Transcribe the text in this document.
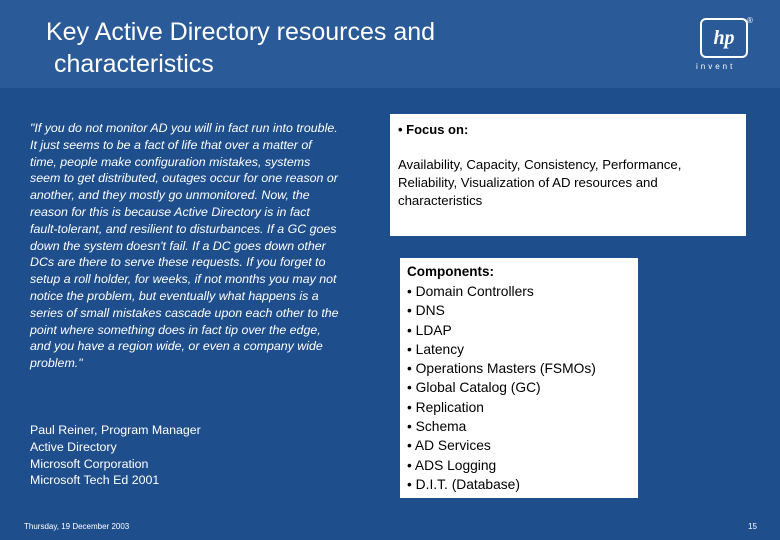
Key Active Directory resources and
characteristics
hp
®
invent
"If you do not monitor AD you will in fact run into trouble. It just seems to be a fact of life that over a matter of time, people make configuration mistakes, systems seem to get distributed, outages occur for one reason or another, and they mostly go unmonitored. Now, the reason for this is because Active Directory is in fact fault-tolerant, and resilient to disturbances. If a GC goes down the system doesn't fail. If a DC goes down other DCs are there to serve these requests. If you forget to setup a roll holder, for weeks, if not months you may not notice the problem, but eventually what happens is a series of small mistakes cascade upon each other to the point where something does in fact tip over the edge, and you have a region wide, or even a company wide problem."
Paul Reiner, Program Manager
Active Directory
Microsoft Corporation
Microsoft Tech Ed 2001
• Focus on:
Availability, Capacity, Consistency, Performance, Reliability, Visualization of AD resources and characteristics
Components:
• Domain Controllers
• DNS
• LDAP
• Latency
• Operations Masters (FSMOs)
• Global Catalog (GC)
• Replication
• Schema
• AD Services
• ADS Logging
• D.I.T. (Database)
Thursday, 19 December 2003	15
